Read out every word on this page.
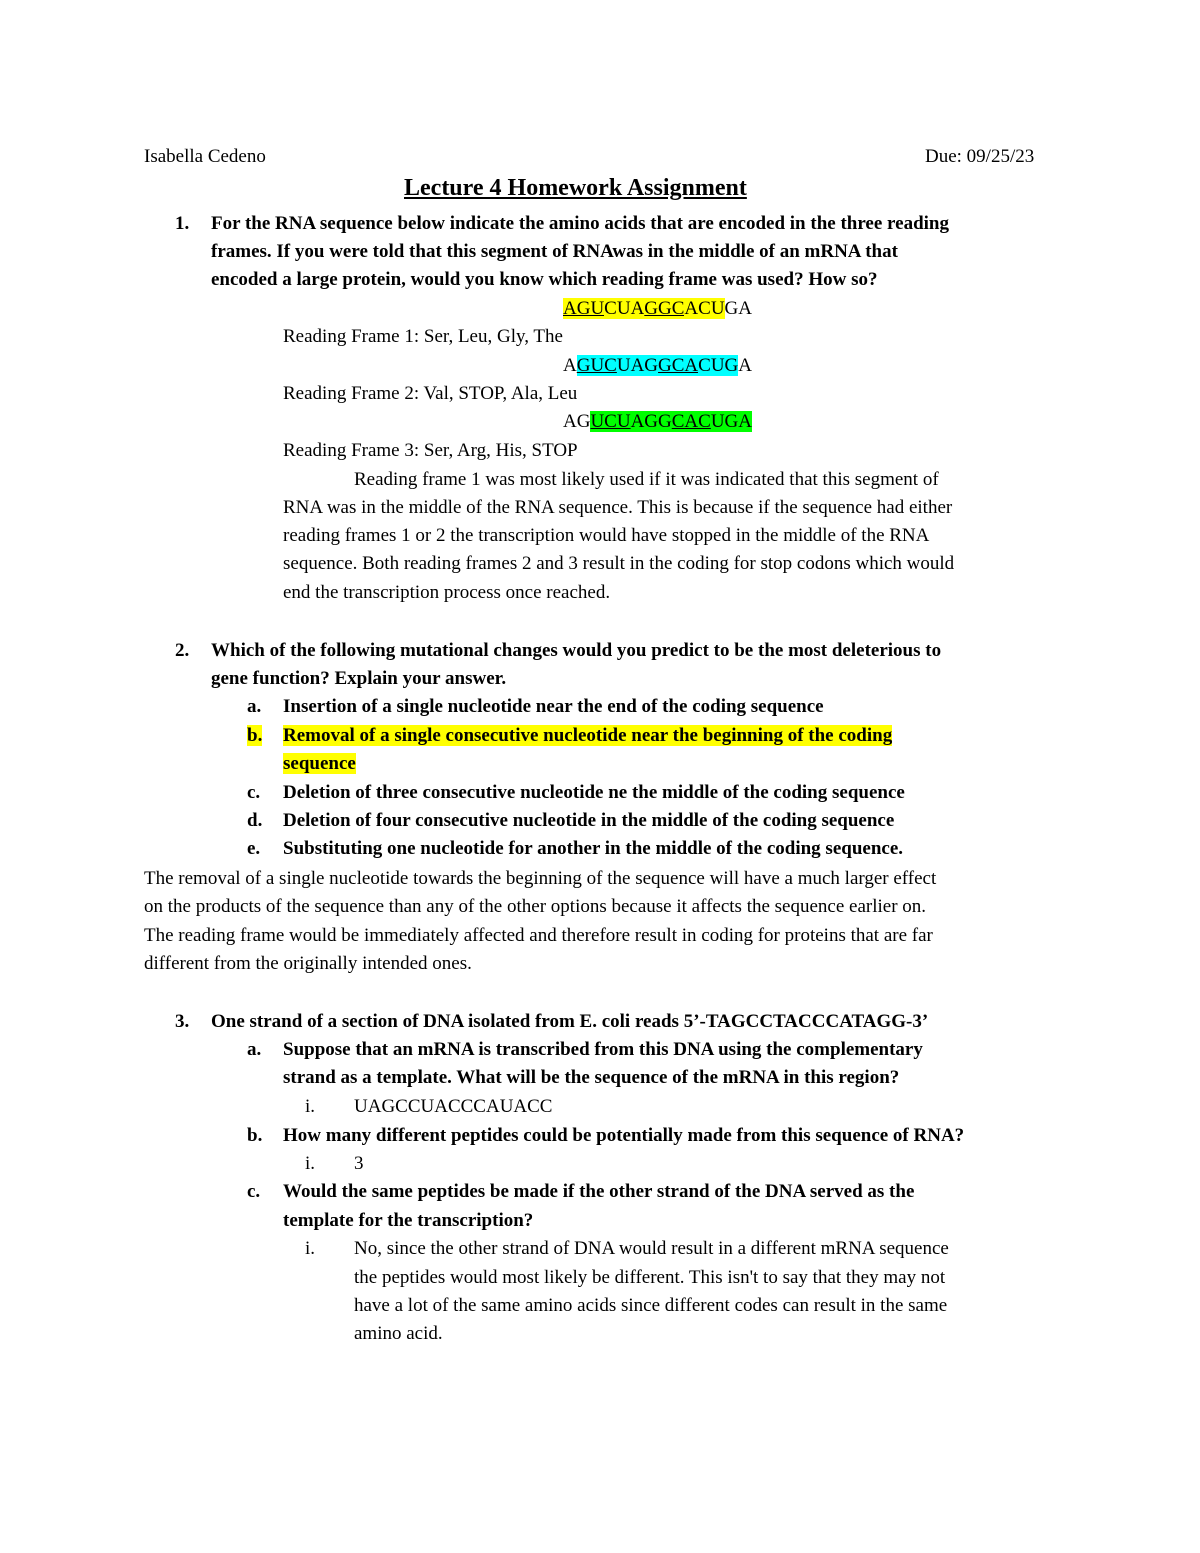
Isabella Cedeno	Due: 09/25/23
Lecture 4 Homework Assignment
1. For the RNA sequence below indicate the amino acids that are encoded in the three reading
frames. If you were told that this segment of RNAwas in the middle of an mRNA that
encoded a large protein, would you know which reading frame was used? How so?
AGUCUAGGCACUGA
Reading Frame 1: Ser, Leu, Gly, The
AGUCUAGGCACUGA
Reading Frame 2: Val, STOP, Ala, Leu
AGUCUAGGCACUGA
Reading Frame 3: Ser, Arg, His, STOP
Reading frame 1 was most likely used if it was indicated that this segment of
RNA was in the middle of the RNA sequence. This is because if the sequence had either
reading frames 1 or 2 the transcription would have stopped in the middle of the RNA
sequence. Both reading frames 2 and 3 result in the coding for stop codons which would
end the transcription process once reached.
2. Which of the following mutational changes would you predict to be the most deleterious to
gene function? Explain your answer.
a. Insertion of a single nucleotide near the end of the coding sequence
b. Removal of a single consecutive nucleotide near the beginning of the coding
sequence
c. Deletion of three consecutive nucleotide ne the middle of the coding sequence
d. Deletion of four consecutive nucleotide in the middle of the coding sequence
e. Substituting one nucleotide for another in the middle of the coding sequence.
The removal of a single nucleotide towards the beginning of the sequence will have a much larger effect
on the products of the sequence than any of the other options because it affects the sequence earlier on.
The reading frame would be immediately affected and therefore result in coding for proteins that are far
different from the originally intended ones.
3. One strand of a section of DNA isolated from E. coli reads 5’-TAGCCTACCCATAGG-3’
a. Suppose that an mRNA is transcribed from this DNA using the complementary
strand as a template. What will be the sequence of the mRNA in this region?
i. UAGCCUACCCAUACC
b. How many different peptides could be potentially made from this sequence of RNA?
i. 3
c. Would the same peptides be made if the other strand of the DNA served as the
template for the transcription?
i. No, since the other strand of DNA would result in a different mRNA sequence
the peptides would most likely be different. This isn't to say that they may not
have a lot of the same amino acids since different codes can result in the same
amino acid.
